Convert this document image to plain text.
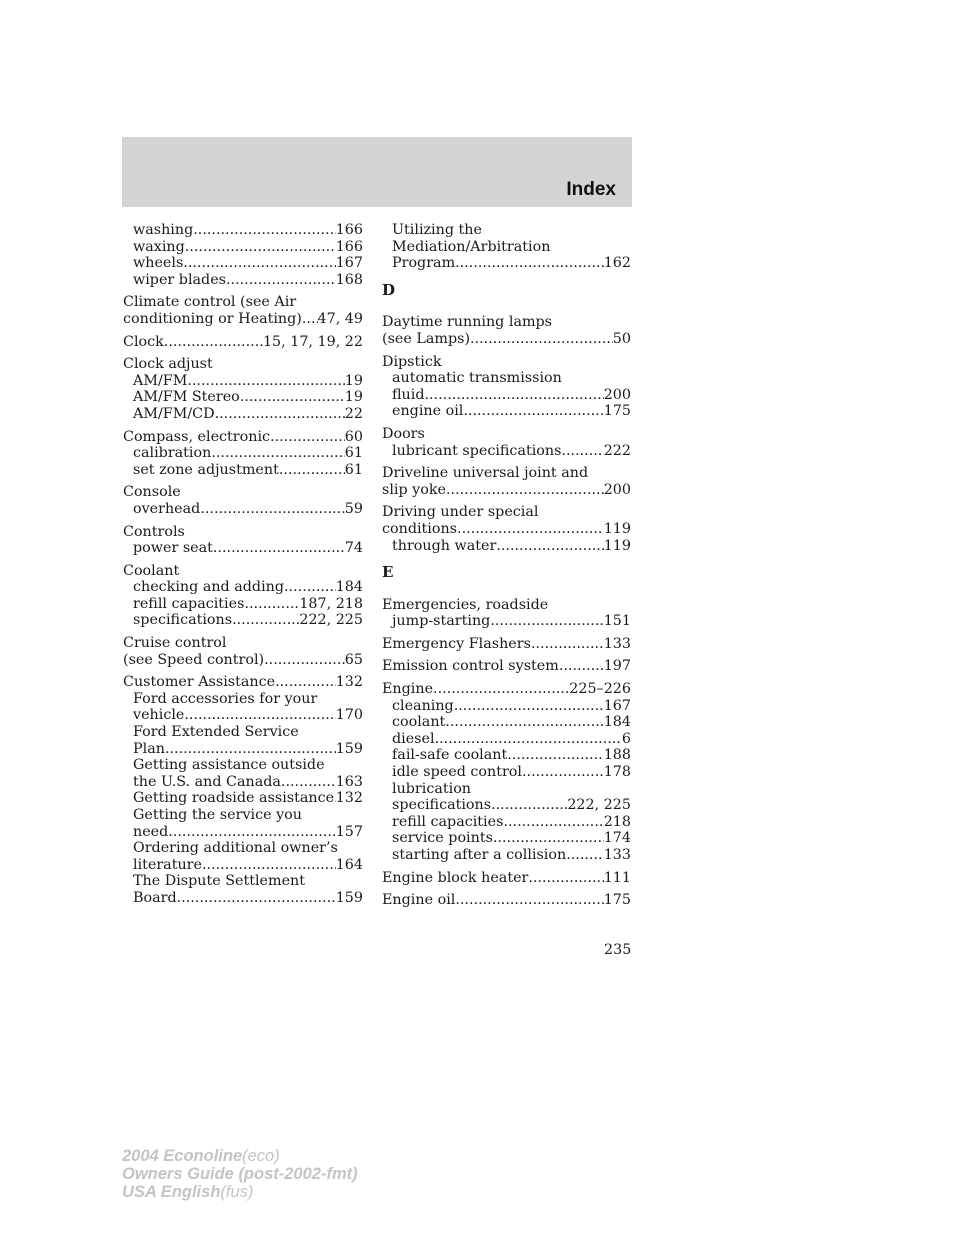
Index
washing .....	166
waxing .....	166
wheels .....	167
wiper blades .....	168
Climate control (see Air
conditioning or Heating) ..... 47, 49
Clock .....	15, 17, 19, 22
Clock adjust
AM/FM .....	19
AM/FM Stereo .....	19
AM/FM/CD .....	22
Compass, electronic .....	60
calibration .....	61
set zone adjustment .....	61
Console
overhead .....	59
Controls
power seat .....	74
Coolant
checking and adding .....	184
refill capacities .....	187, 218
specifications .....	222, 225
Cruise control
(see Speed control) .....	65
Customer Assistance .....	132
Ford accessories for your
vehicle .....	170
Ford Extended Service
Plan .....	159
Getting assistance outside
the U.S. and Canada .....	163
Getting roadside assistance ..... 132
Getting the service you
need .....	157
Ordering additional owner’s
literature .....	164
The Dispute Settlement
Board .....	159
Utilizing the
Mediation/Arbitration
Program .....	162
D
Daytime running lamps
(see Lamps) .....	50
Dipstick
automatic transmission
fluid .....	200
engine oil .....	175
Doors
lubricant specifications .....	222
Driveline universal joint and
slip yoke .....	200
Driving under special
conditions .....	119
through water .....	119
E
Emergencies, roadside
jump-starting .....	151
Emergency Flashers .....	133
Emission control system .....	197
Engine .....	225–226
cleaning .....	167
coolant .....	184
diesel .....	6
fail-safe coolant .....	188
idle speed control .....	178
lubrication
specifications .....	222, 225
refill capacities .....	218
service points .....	174
starting after a collision .....	133
Engine block heater .....	111
Engine oil .....	175
235
2004 Econoline(eco)
Owners Guide (post-2002-fmt)
USA English(fus)
